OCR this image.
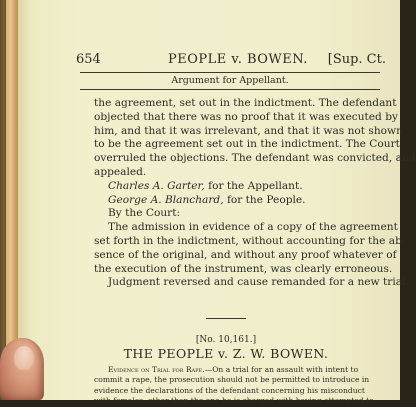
654	PEOPLE v. BOWEN. [Sup. Ct.
Argument for Appellant.

the agreement, set out in the indictment. The defendant
objected that there was no proof that it was executed by
him, and that it was irrelevant, and that it was not shown
to be the agreement set out in the indictment. The Court
overruled the objections. The defendant was convicted, and
appealed.

Charles A. Garter, for the Appellant.

George A. Blanchard, for the People.

By the Court:

The admission in evidence of a copy of the agreement
set forth in the indictment, without accounting for the ab-
sence of the original, and without any proof whatever of
the execution of the instrument, was clearly erroneous.
Judgment reversed and cause remanded for a new trial.

[No. 10,161.]
THE PEOPLE v. Z. W. BOWEN.
Evidence on Trial for Rape.—On a trial for an assault with intent to
commit a rape, the prosecution should not be permitted to introduce in
evidence the declarations of the defendant concerning his misconduct
with females, other than the one he is charged with having attempted to
